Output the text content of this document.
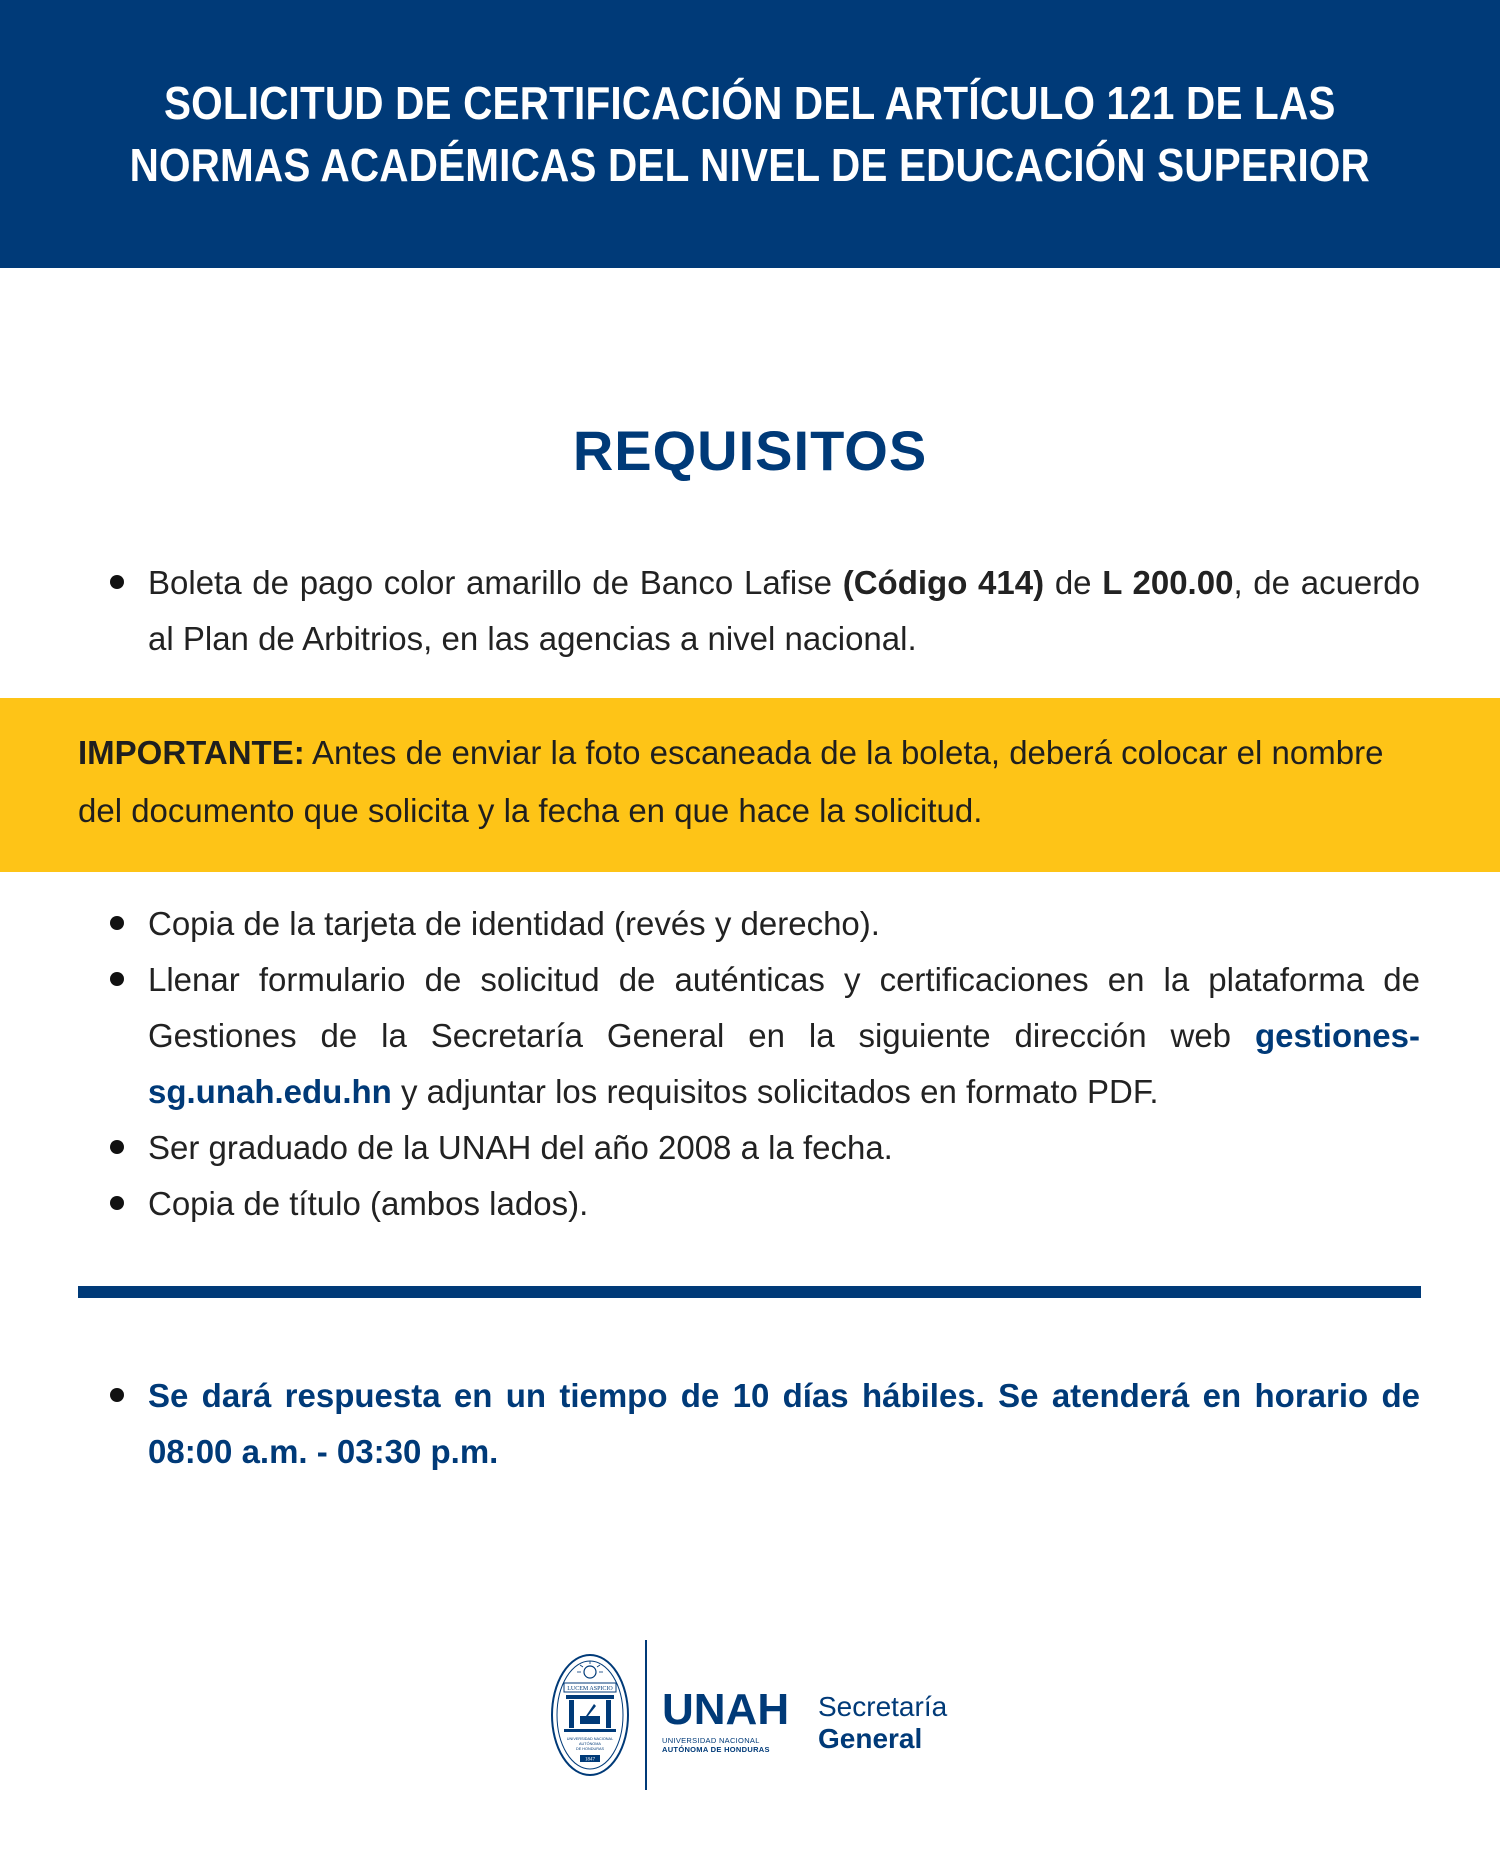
SOLICITUD DE CERTIFICACIÓN DEL ARTÍCULO 121 DE LAS
NORMAS ACADÉMICAS DEL NIVEL DE EDUCACIÓN SUPERIOR
REQUISITOS
Boleta de pago color amarillo de Banco Lafise (Código 414) de L 200.00, de acuerdo al Plan de Arbitrios, en las agencias a nivel nacional.

IMPORTANTE: Antes de enviar la foto escaneada de la boleta, deberá colocar el nombre del documento que solicita y la fecha en que hace la solicitud.

Copia de la tarjeta de identidad (revés y derecho).
Llenar formulario de solicitud de auténticas y certificaciones en la plataforma de Gestiones de la Secretaría General en la siguiente dirección web gestiones-sg.unah.edu.hn y adjuntar los requisitos solicitados en formato PDF.
Ser graduado de la UNAH del año 2008 a la fecha.
Copia de título (ambos lados).
Se dará respuesta en un tiempo de 10 días hábiles. Se atenderá en horario de 08:00 a.m. - 03:30 p.m.
LUCEM ASPICIO
UNIVERSIDAD NACIONAL
AUTÓNOMA
DE HONDURAS
1847
UNAH
UNIVERSIDAD NACIONAL
AUTÓNOMA DE HONDURAS
Secretaría
General
